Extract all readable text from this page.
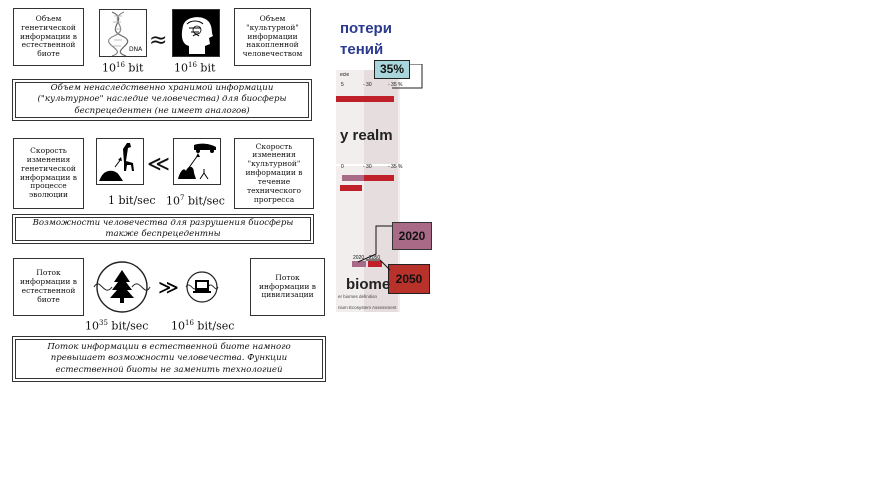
Объем генетической информации в естественной биоте	DNA ≈
Объем "культурной" информации накопленной человечеством
$10^{16}$ bit	$10^{16}$ bit
Объем ненаследственно хранимой информации ("культурное" наследие человечества) для биосферы беспрецедентен (не имеет аналогов)
Скорость изменения генетической информации в процессе эволюции
≪
Скорость изменения "культурной" информации в течение технического прогресса
1 bit/sec $10^7$ bit/sec
Возможности человечества для разрушения биосферы также беспрецедентны
Поток информации в естественной биоте
≫	Поток информации в цивилизации
$10^{35}$ bit/sec $10^{16}$ bit/sec
Поток информации в естественной биоте намного превышает возможности человечества. Функции естественной биоты не заменить технологией
потери
тений
ecie
5	- 30	- 35 %
35%
y realm
0	- 30	- 35 %
2020 2050
2020
2050
biome
er biomes definition
nium Ecosystem Assessment
